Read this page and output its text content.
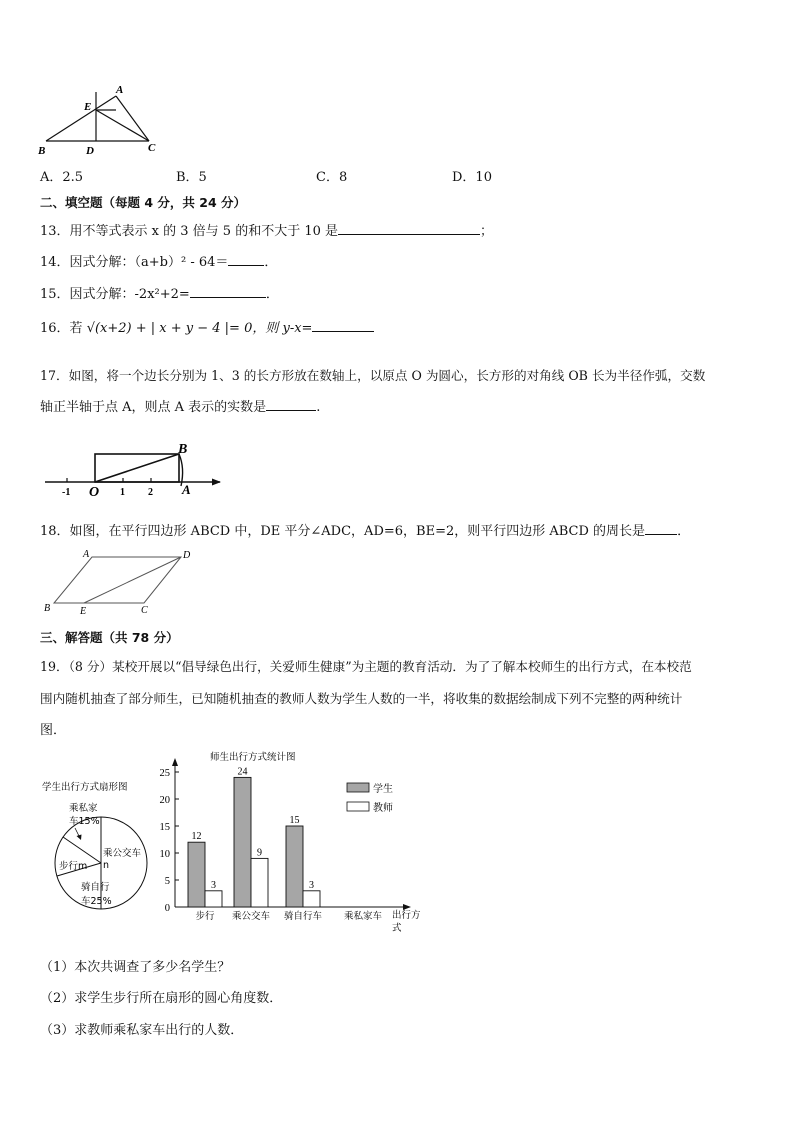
A
E
B	D	C
A．2.5	B．5	C．8	D．10
二、填空题（每题 4 分，共 24 分）
13．用不等式表示 x 的 3 倍与 5 的和不大于 10 是	；
14．因式分解：（a+b）² - 64＝	．
15．因式分解：-2x²+2=	．
16．若 √(x+2) + | x + y − 4 |= 0，则 y-x=
17．如图，将一个边长分别为 1、3 的长方形放在数轴上，以原点 O 为圆心，长方形的对角线 OB 长为半径作弧，交数
轴正半轴于点 A，则点 A 表示的实数是	.
B
O	A
-1	1 2
18．如图，在平行四边形 ABCD 中，DE 平分∠ADC，AD=6，BE=2，则平行四边形 ABCD 的周长是 ．
A	D
B	E	C
三、解答题（共 78 分）
19．（8 分）某校开展以“倡导绿色出行，关爱师生健康”为主题的教育活动．为了了解本校师生的出行方式，在本校范
围内随机抽查了部分师生，已知随机抽查的教师人数为学生人数的一半，将收集的数据绘制成下列不完整的两种统计
图．
学生出行方式扇形图
乘私家
车15%
步行m
乘公交车
n
骑自行
车25%
师生出行方式统计图
0
5
10
15
20
25
12
3
步行
24
9
乘公交车
15
3
骑自行车 乘私家车
学生
教师
出行方
式
（1）本次共调查了多少名学生？
（2）求学生步行所在扇形的圆心角度数．
（3）求教师乘私家车出行的人数．
